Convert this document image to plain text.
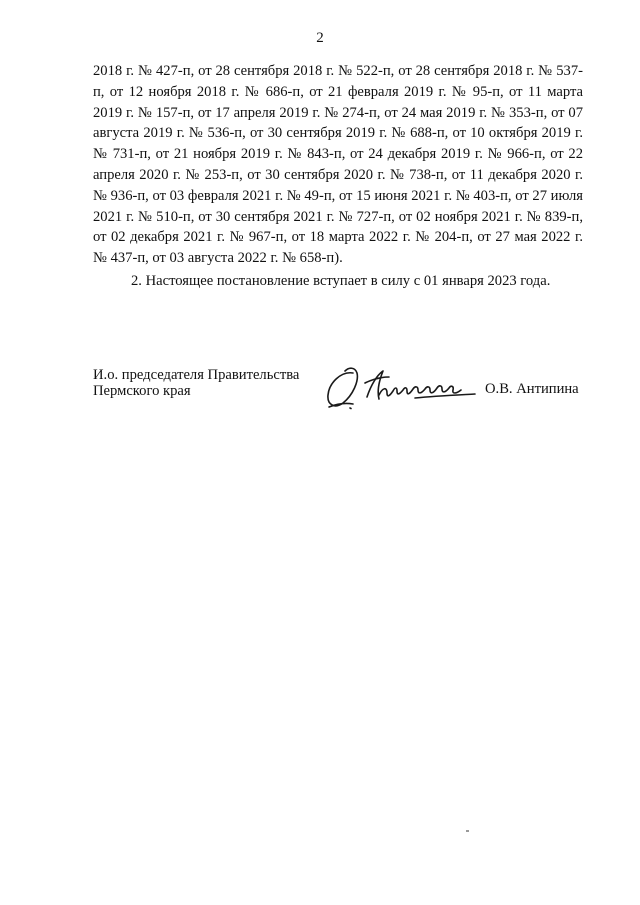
2

2018 г. № 427-п, от 28 сентября 2018 г. № 522-п, от 28 сентября 2018 г. № 537-п, от 12 ноября 2018 г. № 686-п, от 21 февраля 2019 г. № 95-п, от 11 марта 2019 г. № 157-п, от 17 апреля 2019 г. № 274-п, от 24 мая 2019 г. № 353-п, от 07 августа 2019 г. № 536-п, от 30 сентября 2019 г. № 688-п, от 10 октября 2019 г. № 731-п, от 21 ноября 2019 г. № 843-п, от 24 декабря 2019 г. № 966-п, от 22 апреля 2020 г. № 253-п, от 30 сентября 2020 г. № 738-п, от 11 декабря 2020 г. № 936-п, от 03 февраля 2021 г. № 49-п, от 15 июня 2021 г. № 403-п, от 27 июля 2021 г. № 510-п, от 30 сентября 2021 г. № 727-п, от 02 ноября 2021 г. № 839-п, от 02 декабря 2021 г. № 967-п, от 18 марта 2022 г. № 204-п, от 27 мая 2022 г. № 437-п, от 03 августа 2022 г. № 658-п).

2. Настоящее постановление вступает в силу с 01 января 2023 года.

И.о. председателя Правительства
Пермского края	О.В. Антипина
